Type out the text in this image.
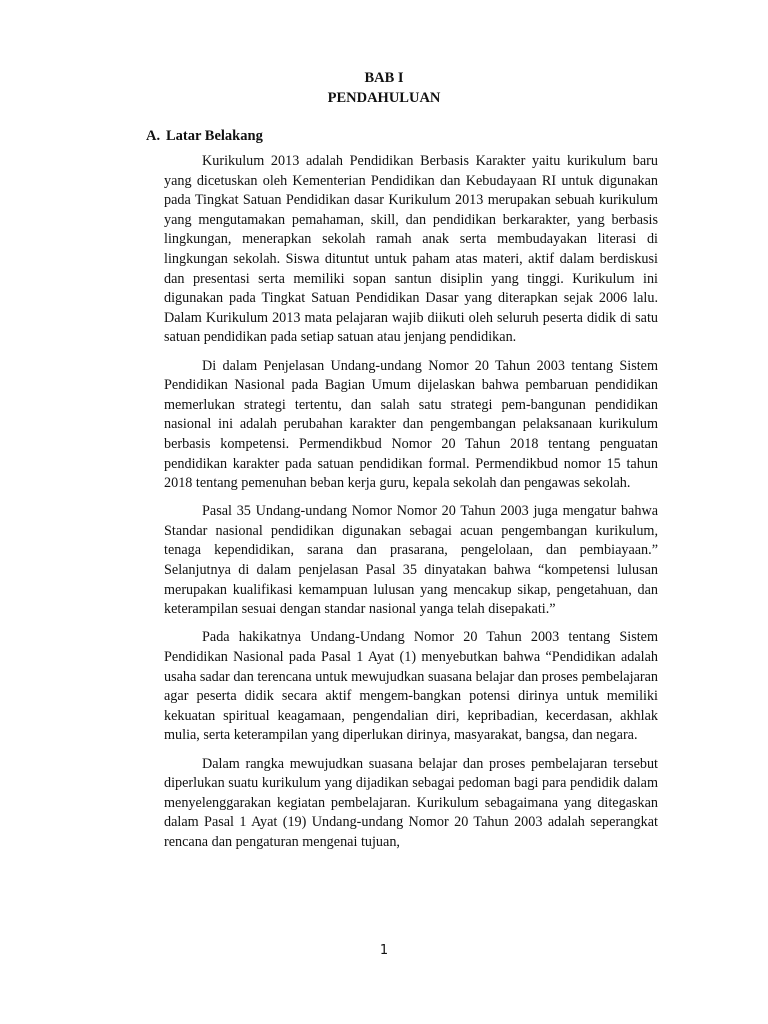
BAB I
PENDAHULUAN
A. Latar Belakang

Kurikulum 2013 adalah Pendidikan Berbasis Karakter yaitu kurikulum baru yang dicetuskan oleh Kementerian Pendidikan dan Kebudayaan RI untuk digunakan pada Tingkat Satuan Pendidikan dasar Kurikulum 2013 merupakan sebuah kurikulum yang mengutamakan pemahaman, skill, dan pendidikan berkarakter, yang berbasis lingkungan, menerapkan sekolah ramah anak serta membudayakan literasi di lingkungan sekolah. Siswa dituntut untuk paham atas materi, aktif dalam berdiskusi dan presentasi serta memiliki sopan santun disiplin yang tinggi. Kurikulum ini digunakan pada Tingkat Satuan Pendidikan Dasar yang diterapkan sejak 2006 lalu. Dalam Kurikulum 2013 mata pelajaran wajib diikuti oleh seluruh peserta didik di satu satuan pendidikan pada setiap satuan atau jenjang pendidikan.

Di dalam Penjelasan Undang-undang Nomor 20 Tahun 2003 tentang Sistem Pendidikan Nasional pada Bagian Umum dijelaskan bahwa pembaruan pendidikan memerlukan strategi tertentu, dan salah satu strategi pem-bangunan pendidikan nasional ini adalah perubahan karakter dan pengembangan pelaksanaan kurikulum berbasis kompetensi. Permendikbud Nomor 20 Tahun 2018 tentang penguatan pendidikan karakter pada satuan pendidikan formal. Permendikbud nomor 15 tahun 2018 tentang pemenuhan beban kerja guru, kepala sekolah dan pengawas sekolah.

Pasal 35 Undang-undang Nomor Nomor 20 Tahun 2003 juga mengatur bahwa Standar nasional pendidikan digunakan sebagai acuan pengembangan kurikulum, tenaga kependidikan, sarana dan prasarana, pengelolaan, dan pembiayaan.” Selanjutnya di dalam penjelasan Pasal 35 dinyatakan bahwa “kompetensi lulusan merupakan kualifikasi kemampuan lulusan yang mencakup sikap, pengetahuan, dan keterampilan sesuai dengan standar nasional yanga telah disepakati.”

Pada hakikatnya Undang-Undang Nomor 20 Tahun 2003 tentang Sistem Pendidikan Nasional pada Pasal 1 Ayat (1) menyebutkan bahwa “Pendidikan adalah usaha sadar dan terencana untuk mewujudkan suasana belajar dan proses pembelajaran agar peserta didik secara aktif mengem-bangkan potensi dirinya untuk memiliki kekuatan spiritual keagamaan, pengendalian diri, kepribadian, kecerdasan, akhlak mulia, serta keterampilan yang diperlukan dirinya, masyarakat, bangsa, dan negara.

Dalam rangka mewujudkan suasana belajar dan proses pembelajaran tersebut diperlukan suatu kurikulum yang dijadikan sebagai pedoman bagi para pendidik dalam menyelenggarakan kegiatan pembelajaran. Kurikulum sebagaimana yang ditegaskan dalam Pasal 1 Ayat (19) Undang-undang Nomor 20 Tahun 2003 adalah seperangkat rencana dan pengaturan mengenai tujuan,

1
